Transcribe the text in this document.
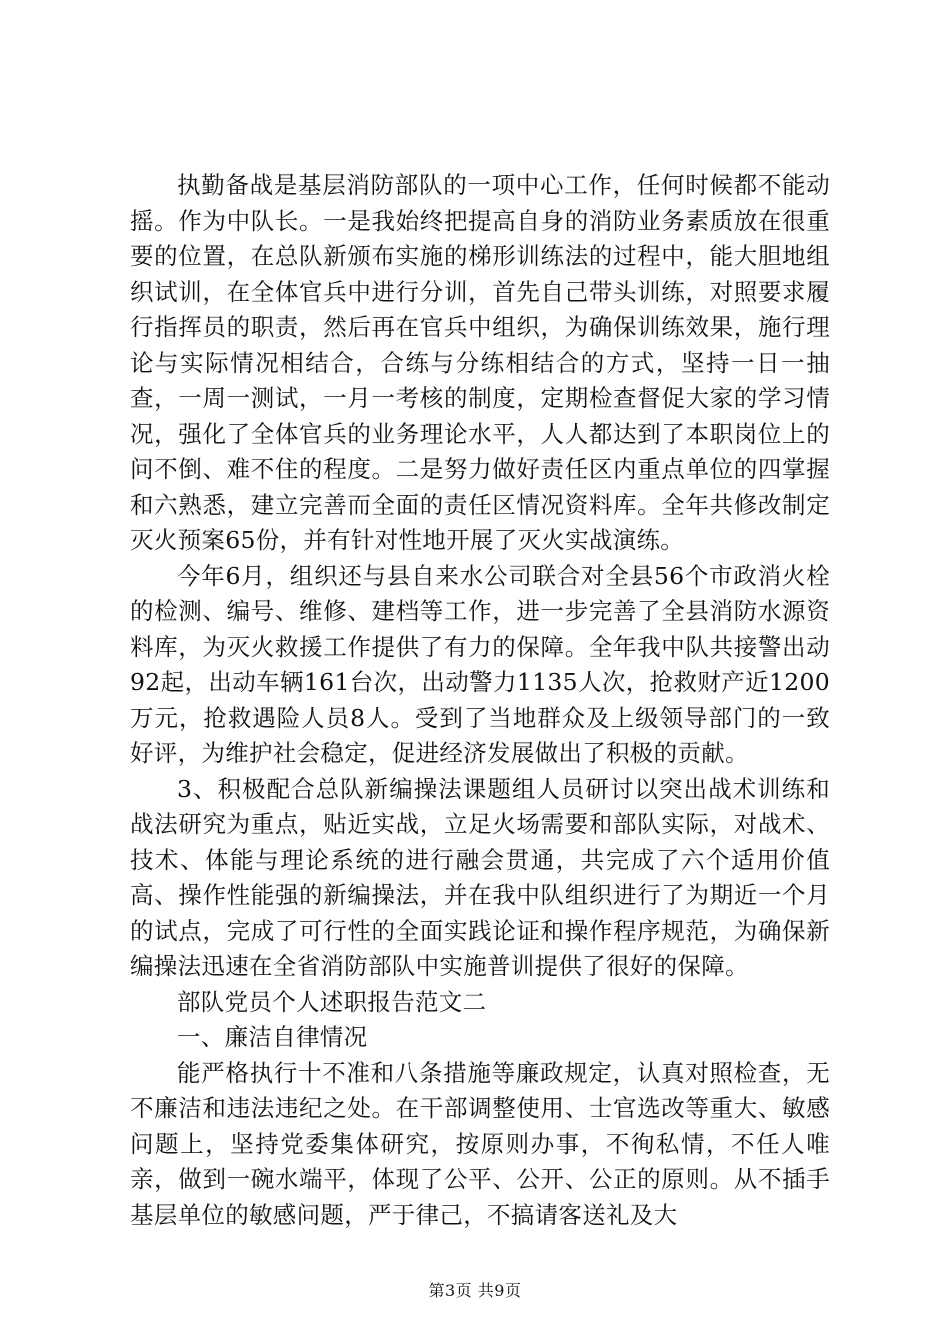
执勤备战是基层消防部队的一项中心工作，任何时候都不能动摇。作为中队长。一是我始终把提高自身的消防业务素质放在很重要的位置，在总队新颁布实施的梯形训练法的过程中，能大胆地组织试训，在全体官兵中进行分训，首先自己带头训练，对照要求履行指挥员的职责，然后再在官兵中组织，为确保训练效果，施行理论与实际情况相结合，合练与分练相结合的方式，坚持一日一抽查，一周一测试，一月一考核的制度，定期检查督促大家的学习情况，强化了全体官兵的业务理论水平，人人都达到了本职岗位上的问不倒、难不住的程度。二是努力做好责任区内重点单位的四掌握和六熟悉，建立完善而全面的责任区情况资料库。全年共修改制定灭火预案65份，并有针对性地开展了灭火实战演练。

今年6月，组织还与县自来水公司联合对全县56个市政消火栓的检测、编号、维修、建档等工作，进一步完善了全县消防水源资料库，为灭火救援工作提供了有力的保障。全年我中队共接警出动92起，出动车辆161台次，出动警力1135人次，抢救财产近1200万元，抢救遇险人员8人。受到了当地群众及上级领导部门的一致好评，为维护社会稳定，促进经济发展做出了积极的贡献。

3、积极配合总队新编操法课题组人员研讨以突出战术训练和战法研究为重点，贴近实战，立足火场需要和部队实际，对战术、技术、体能与理论系统的进行融会贯通，共完成了六个适用价值高、操作性能强的新编操法，并在我中队组织进行了为期近一个月的试点，完成了可行性的全面实践论证和操作程序规范，为确保新编操法迅速在全省消防部队中实施普训提供了很好的保障。

部队党员个人述职报告范文二

一、廉洁自律情况

能严格执行十不准和八条措施等廉政规定，认真对照检查，无不廉洁和违法违纪之处。在干部调整使用、士官选改等重大、敏感问题上，坚持党委集体研究，按原则办事，不徇私情，不任人唯亲，做到一碗水端平，体现了公平、公开、公正的原则。从不插手基层单位的敏感问题，严于律己，不搞请客送礼及大

第3页 共9页
